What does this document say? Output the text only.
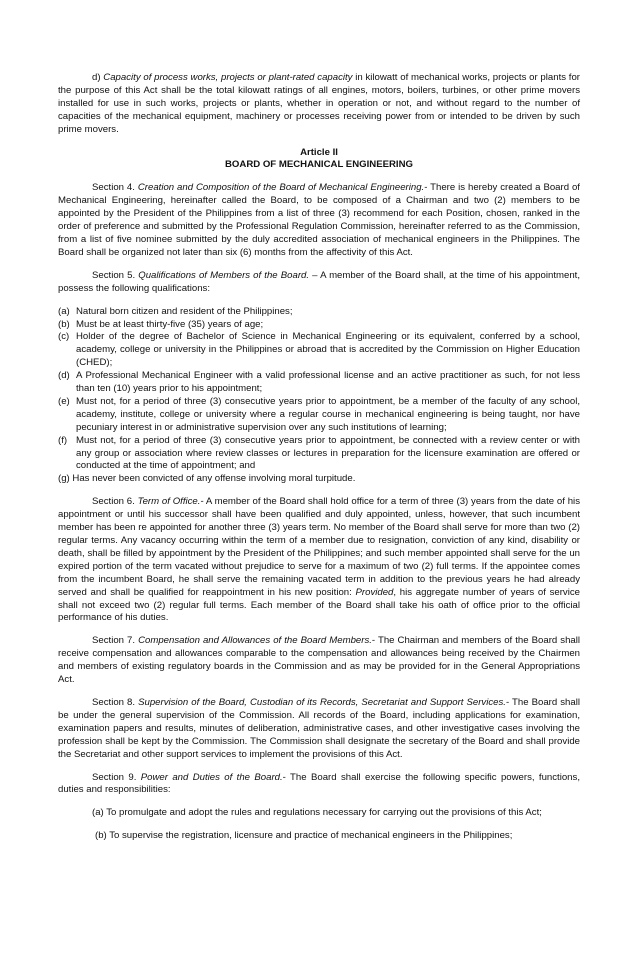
d) Capacity of process works, projects or plant-rated capacity in kilowatt of mechanical works, projects or plants for the purpose of this Act shall be the total kilowatt ratings of all engines, motors, boilers, turbines, or other prime movers installed for use in such works, projects or plants, whether in operation or not, and without regard to the number of capacities of the mechanical equipment, machinery or processes receiving power from or intended to be driven by such prime movers.

Article II

BOARD OF MECHANICAL ENGINEERING

Section 4. Creation and Composition of the Board of Mechanical Engineering.- There is hereby created a Board of Mechanical Engineering, hereinafter called the Board, to be composed of a Chairman and two (2) members to be appointed by the President of the Philippines from a list of three (3) recommend for each Position, chosen, ranked in the order of preference and submitted by the Professional Regulation Commission, hereinafter referred to as the Commission, from a list of five nominee submitted by the duly accredited association of mechanical engineers in the Philippines. The Board shall be organized not later than six (6) months from the affectivity of this Act.

Section 5. Qualifications of Members of the Board. – A member of the Board shall, at the time of his appointment, possess the following qualifications:

(a) Natural born citizen and resident of the Philippines;
(b) Must be at least thirty-five (35) years of age;
(c) Holder of the degree of Bachelor of Science in Mechanical Engineering or its equivalent, conferred by a school, academy, college or university in the Philippines or abroad that is accredited by the Commission on Higher Education (CHED);
(d) A Professional Mechanical Engineer with a valid professional license and an active practitioner as such, for not less than ten (10) years prior to his appointment;
(e) Must not, for a period of three (3) consecutive years prior to appointment, be a member of the faculty of any school, academy, institute, college or university where a regular course in mechanical engineering is being taught, nor have pecuniary interest in or administrative supervision over any such institutions of learning;
(f) Must not, for a period of three (3) consecutive years prior to appointment, be connected with a review center or with any group or association where review classes or lectures in preparation for the licensure examination are offered or conducted at the time of appointment; and
(g) Has never been convicted of any offense involving moral turpitude.

Section 6. Term of Office.- A member of the Board shall hold office for a term of three (3) years from the date of his appointment or until his successor shall have been qualified and duly appointed, unless, however, that such incumbent member has been re appointed for another three (3) years term. No member of the Board shall serve for more than two (2) regular terms. Any vacancy occurring within the term of a member due to resignation, conviction of any kind, disability or death, shall be filled by appointment by the President of the Philippines; and such member appointed shall serve for the un expired portion of the term vacated without prejudice to serve for a maximum of two (2) full terms. If the appointee comes from the incumbent Board, he shall serve the remaining vacated term in addition to the previous years he had already served and shall be qualified for reappointment in his new position: Provided, his aggregate number of years of service shall not exceed two (2) regular full terms. Each member of the Board shall take his oath of office prior to the official performance of his duties.

Section 7. Compensation and Allowances of the Board Members.- The Chairman and members of the Board shall receive compensation and allowances comparable to the compensation and allowances being received by the Chairmen and members of existing regulatory boards in the Commission and as may be provided for in the General Appropriations Act.

Section 8. Supervision of the Board, Custodian of its Records, Secretariat and Support Services.- The Board shall be under the general supervision of the Commission. All records of the Board, including applications for examination, examination papers and results, minutes of deliberation, administrative cases, and other investigative cases involving the profession shall be kept by the Commission. The Commission shall designate the secretary of the Board and shall provide the Secretariat and other support services to implement the provisions of this Act.

Section 9. Power and Duties of the Board.- The Board shall exercise the following specific powers, functions, duties and responsibilities:

(a) To promulgate and adopt the rules and regulations necessary for carrying out the provisions of this Act;

(b) To supervise the registration, licensure and practice of mechanical engineers in the Philippines;
